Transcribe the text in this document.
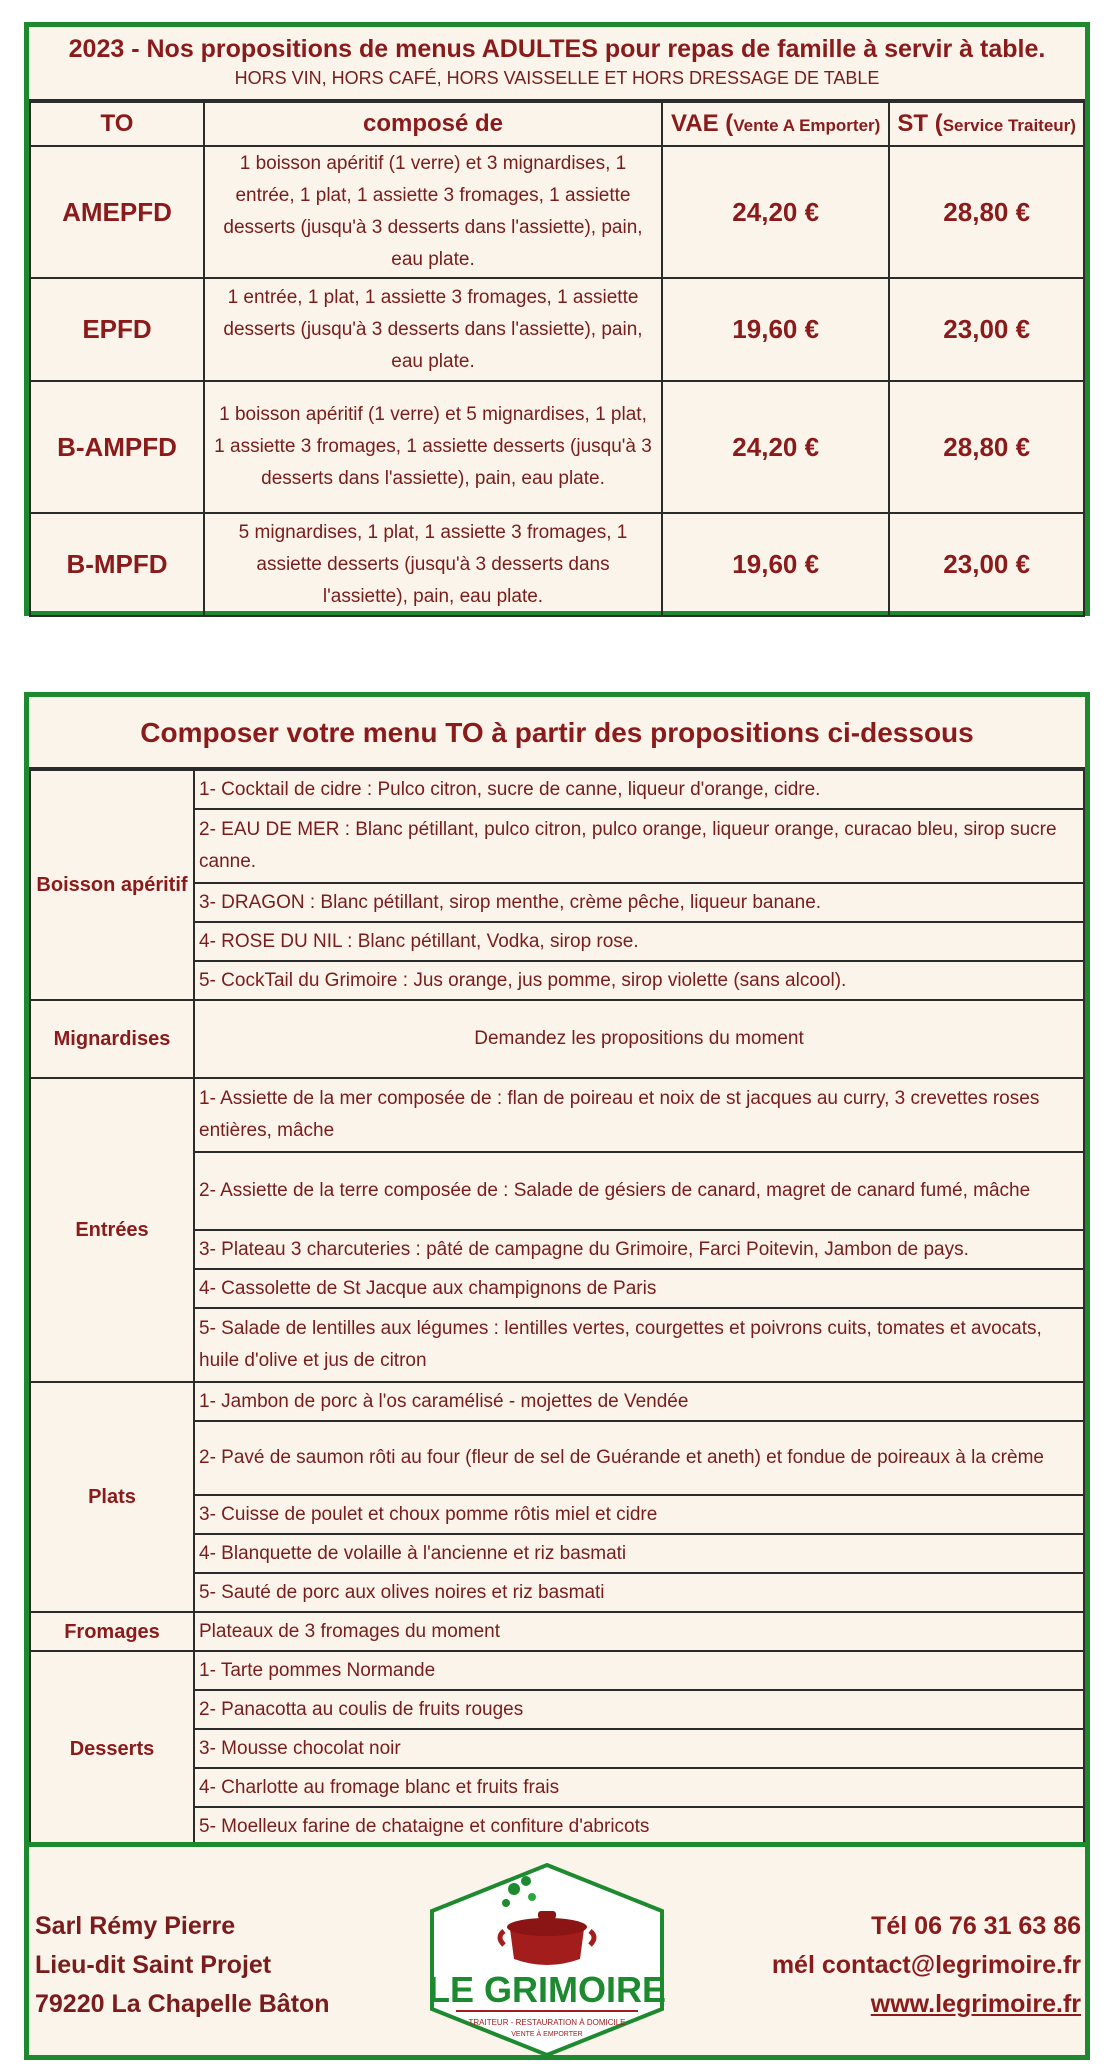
2023 - Nos propositions de menus ADULTES pour repas de famille à servir à table.
HORS VIN, HORS CAFÉ, HORS VAISSELLE ET HORS DRESSAGE DE TABLE
TO	composé de	VAE (Vente A Emporter)	ST (Service Traiteur)
AMEPFD	1 boisson apéritif (1 verre) et 3 mignardises, 1 entrée, 1 plat, 1 assiette 3 fromages, 1 assiette desserts (jusqu'à 3 desserts dans l'assiette), pain, eau plate.	24,20 €	28,80 €
EPFD	1 entrée, 1 plat, 1 assiette 3 fromages, 1 assiette desserts (jusqu'à 3 desserts dans l'assiette), pain, eau plate.	19,60 €	23,00 €
B-AMPFD	1 boisson apéritif (1 verre) et 5 mignardises, 1 plat, 1 assiette 3 fromages, 1 assiette desserts (jusqu'à 3 desserts dans l'assiette), pain, eau plate.	24,20 €	28,80 €
B-MPFD	5 mignardises, 1 plat, 1 assiette 3 fromages, 1 assiette desserts (jusqu'à 3 desserts dans l'assiette), pain, eau plate.	19,60 €	23,00 €
Composer votre menu TO à partir des propositions ci-dessous
Boisson apéritif	1- Cocktail de cidre : Pulco citron, sucre de canne, liqueur d'orange, cidre.
	2- EAU DE MER : Blanc pétillant, pulco citron, pulco orange, liqueur orange, curacao bleu, sirop sucre canne.
	3- DRAGON : Blanc pétillant, sirop menthe, crème pêche, liqueur banane.
	4- ROSE DU NIL : Blanc pétillant, Vodka, sirop rose.
	5- CockTail du Grimoire : Jus orange, jus pomme, sirop violette (sans alcool).
Mignardises	Demandez les propositions du moment
Entrées	1- Assiette de la mer composée de : flan de poireau et noix de st jacques au curry, 3 crevettes roses entières, mâche
	2- Assiette de la terre composée de : Salade de gésiers de canard, magret de canard fumé, mâche
	3- Plateau 3 charcuteries : pâté de campagne du Grimoire, Farci Poitevin, Jambon de pays.
	4- Cassolette de St Jacque aux champignons de Paris
	5- Salade de lentilles aux légumes : lentilles vertes, courgettes et poivrons cuits, tomates et avocats, huile d'olive et jus de citron
Plats	1- Jambon de porc à l'os caramélisé - mojettes de Vendée
	2- Pavé de saumon rôti au four (fleur de sel de Guérande et aneth) et fondue de poireaux à la crème
	3- Cuisse de poulet et choux pomme rôtis miel et cidre
	4- Blanquette de volaille à l'ancienne et riz basmati
	5- Sauté de porc aux olives noires et riz basmati
Fromages	Plateaux de 3 fromages du moment
Desserts	1- Tarte pommes Normande
	2- Panacotta au coulis de fruits rouges
	3- Mousse chocolat noir
	4- Charlotte au fromage blanc et fruits frais
	5- Moelleux farine de chataigne et confiture d'abricots
Sarl Rémy Pierre
Lieu-dit Saint Projet
79220 La Chapelle Bâton	LE GRIMOIRE
TRAITEUR - RESTAURATION À DOMICILE
VENTE À EMPORTER
Tél 06 76 31 63 86
mél contact@legrimoire.fr
www.legrimoire.fr
